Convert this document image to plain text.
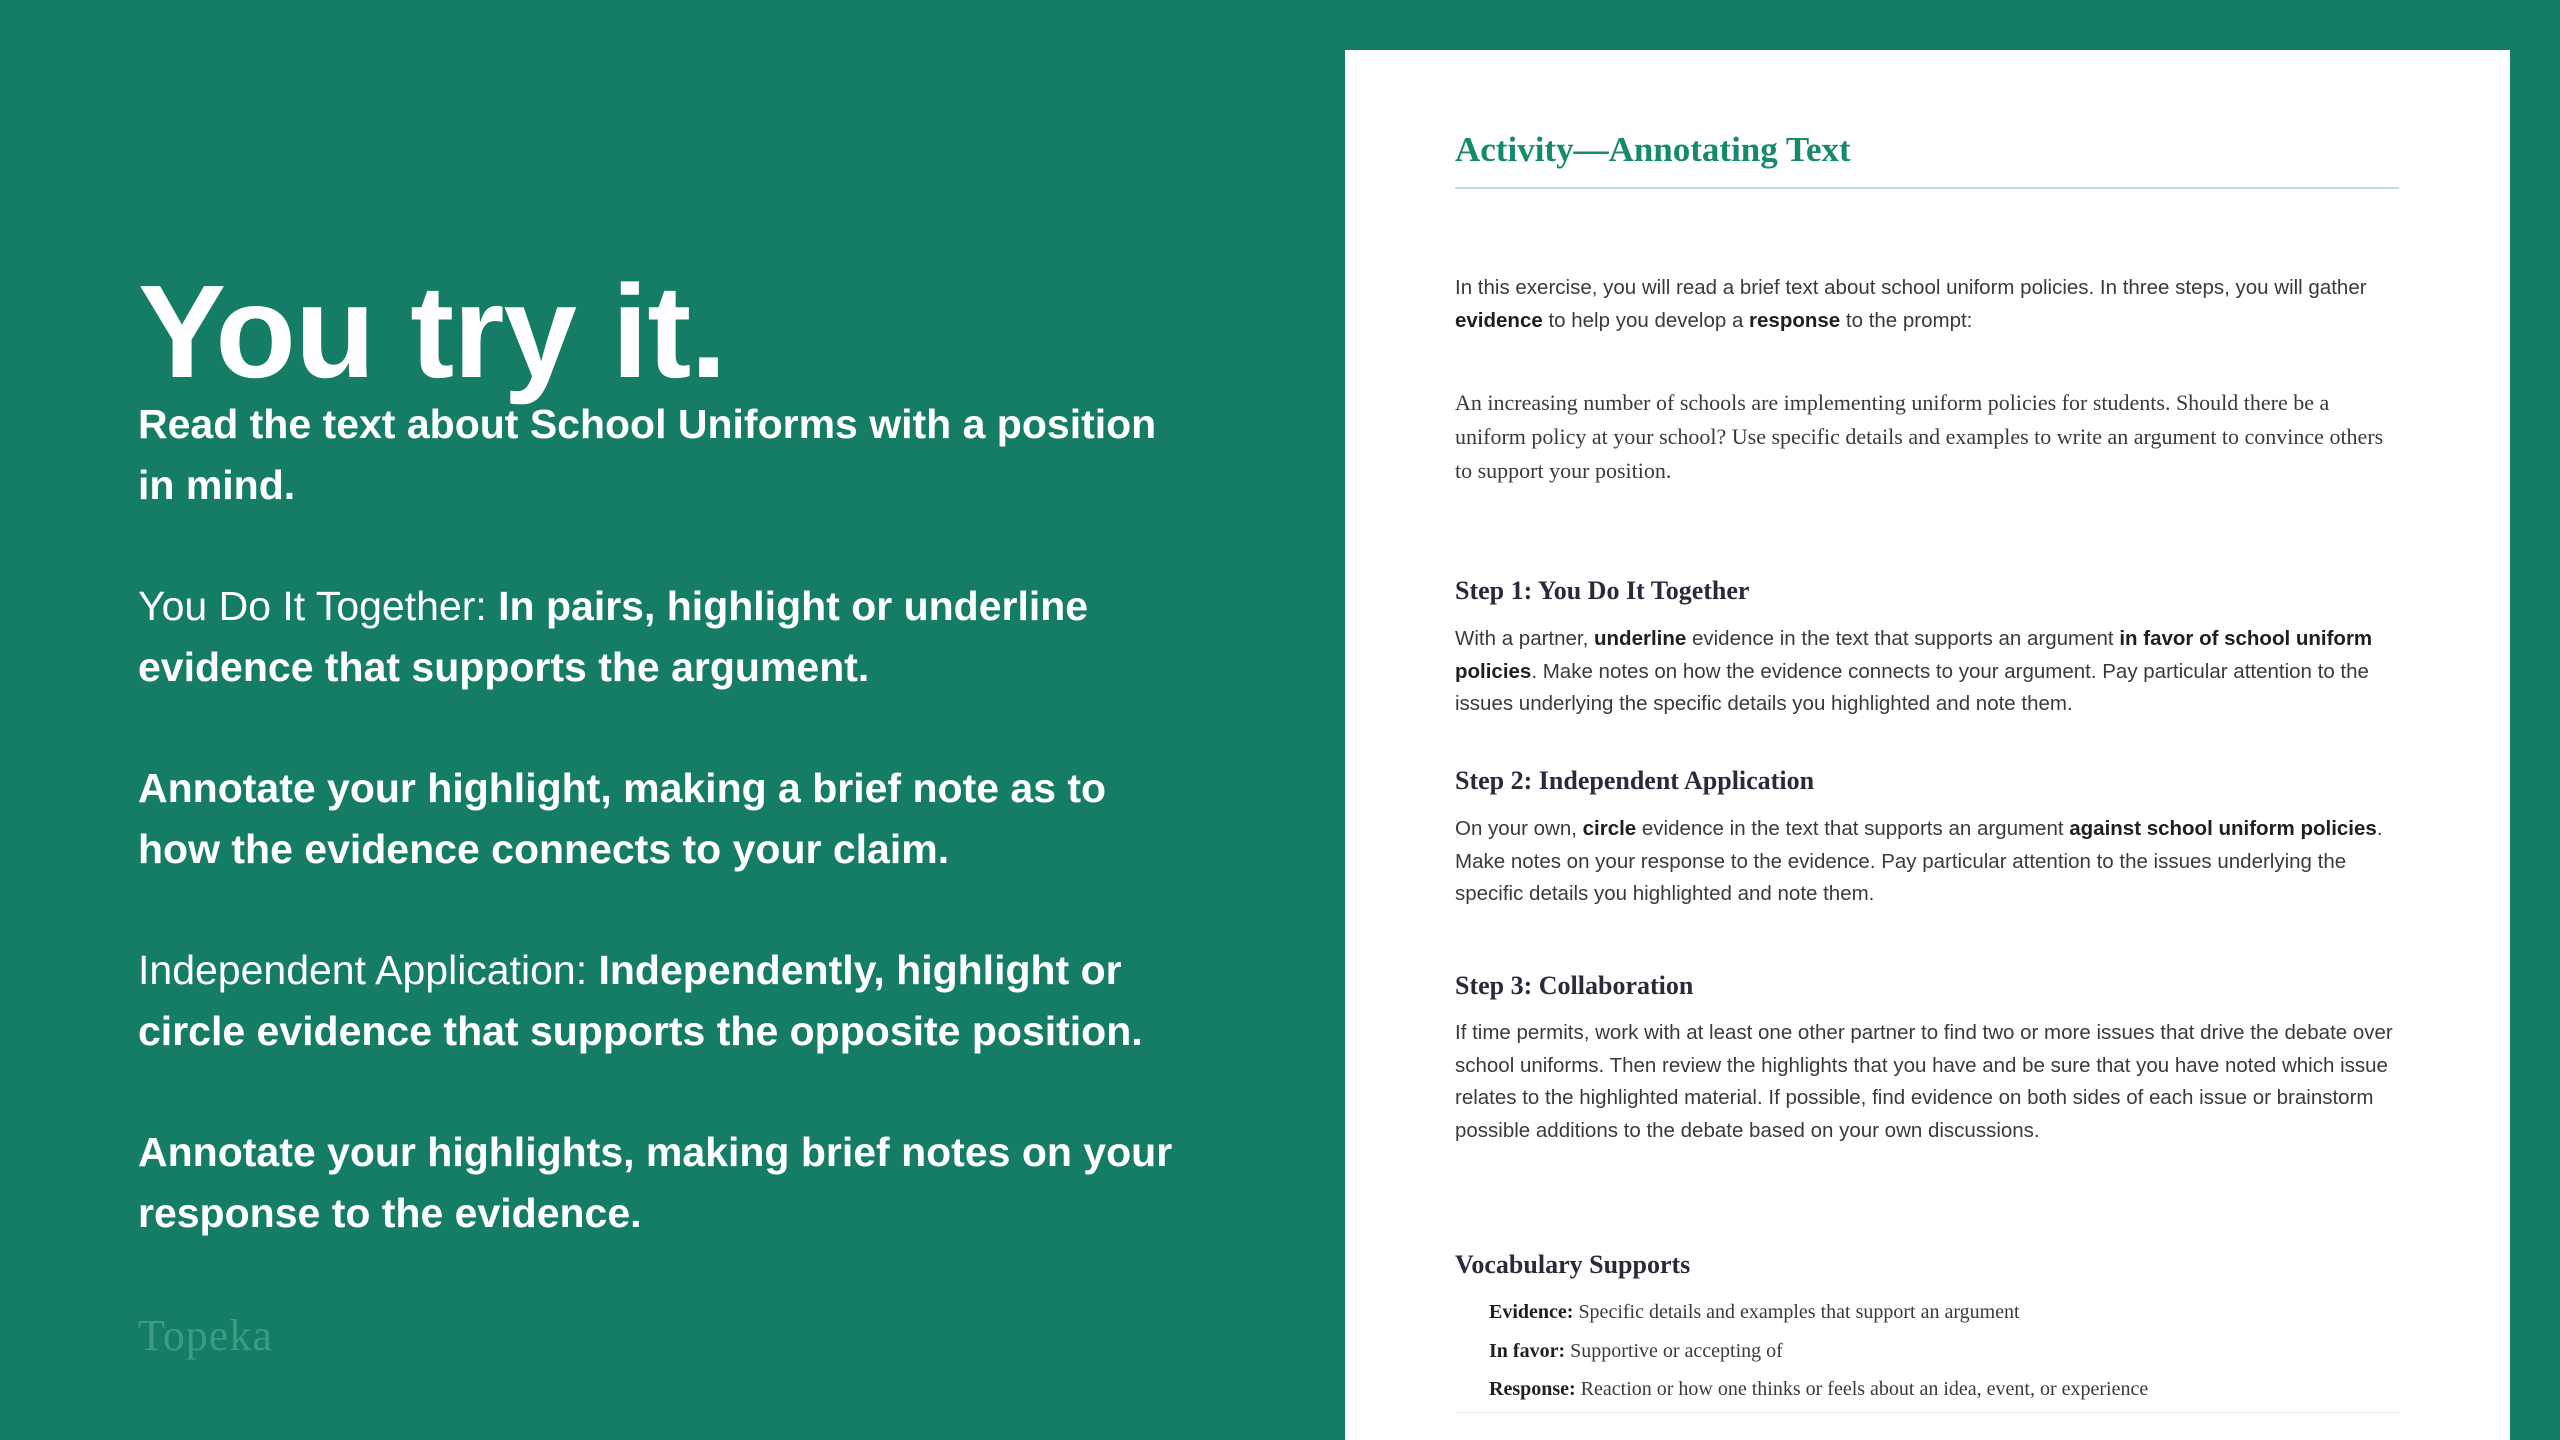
You try it.

Read the text about School Uniforms with a position in mind.

You Do It Together: In pairs, highlight or underline evidence that supports the argument.

Annotate your highlight, making a brief note as to how the evidence connects to your claim.

Independent Application: Independently, highlight or circle evidence that supports the opposite position.

Annotate your highlights, making brief notes on your response to the evidence.

Topeka
Activity—Annotating Text

In this exercise, you will read a brief text about school uniform policies. In three steps, you will gather evidence to help you develop a response to the prompt:

An increasing number of schools are implementing uniform policies for students. Should there be a uniform policy at your school? Use specific details and examples to write an argument to convince others to support your position.

Step 1: You Do It Together

With a partner, underline evidence in the text that supports an argument in favor of school uniform policies. Make notes on how the evidence connects to your argument. Pay particular attention to the issues underlying the specific details you highlighted and note them.

Step 2: Independent Application

On your own, circle evidence in the text that supports an argument against school uniform policies. Make notes on your response to the evidence. Pay particular attention to the issues underlying the specific details you highlighted and note them.

Step 3: Collaboration

If time permits, work with at least one other partner to find two or more issues that drive the debate over school uniforms. Then review the highlights that you have and be sure that you have noted which issue relates to the highlighted material. If possible, find evidence on both sides of each issue or brainstorm possible additions to the debate based on your own discussions.

Vocabulary Supports
Evidence: Specific details and examples that support an argument
In favor: Supportive or accepting of
Response: Reaction or how one thinks or feels about an idea, event, or experience
